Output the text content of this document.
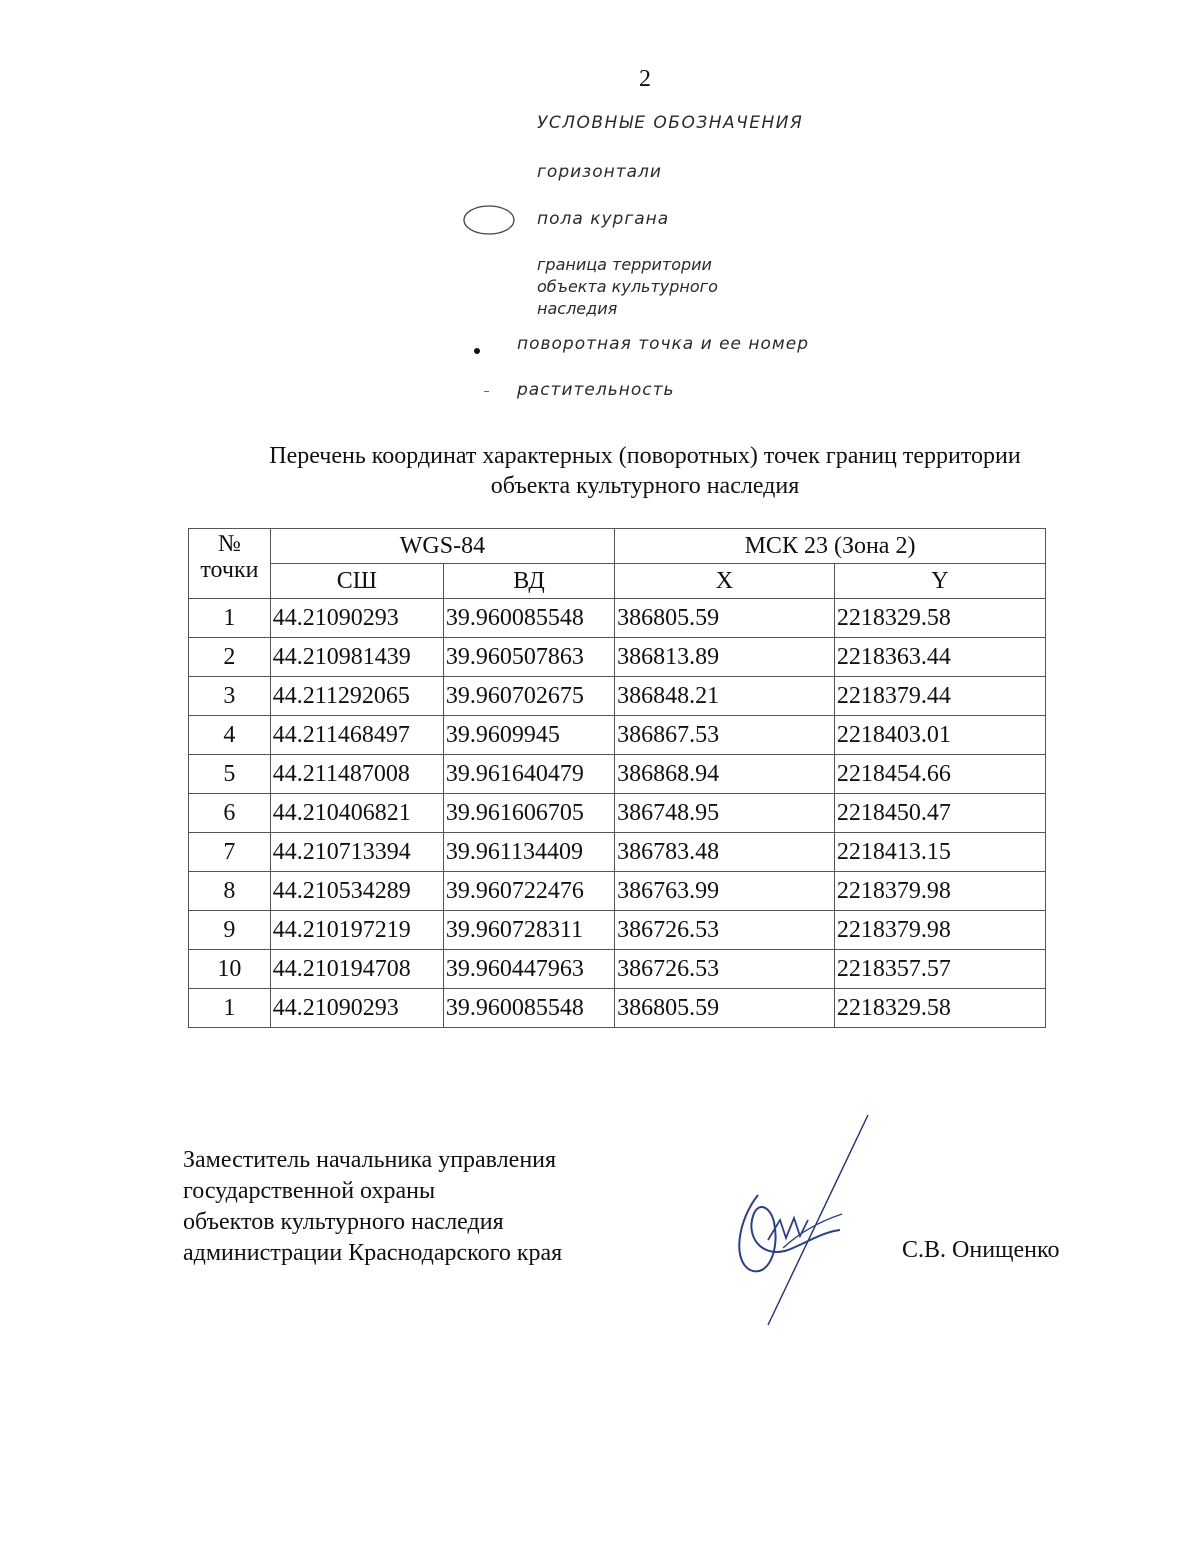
2
УСЛОВНЫЕ ОБОЗНАЧЕНИЯ
горизонтали
пола кургана
граница территории
объекта культурного
наследия
поворотная точка и ее номер
растительность
Перечень координат характерных (поворотных) точек границ территории
объекта культурного наследия
№
точки	WGS-84		МСК 23 (Зона 2)	
	СШ	ВД	X	Y
1	44.21090293	39.960085548	386805.59	2218329.58
2	44.210981439	39.960507863	386813.89	2218363.44
3	44.211292065	39.960702675	386848.21	2218379.44
4	44.211468497	39.9609945	386867.53	2218403.01
5	44.211487008	39.961640479	386868.94	2218454.66
6	44.210406821	39.961606705	386748.95	2218450.47
7	44.210713394	39.961134409	386783.48	2218413.15
8	44.210534289	39.960722476	386763.99	2218379.98
9	44.210197219	39.960728311	386726.53	2218379.98
10	44.210194708	39.960447963	386726.53	2218357.57
1	44.21090293	39.960085548	386805.59	2218329.58
Заместитель начальника управления
государственной охраны
объектов культурного наследия
администрации Краснодарского края	С.В. Онищенко
